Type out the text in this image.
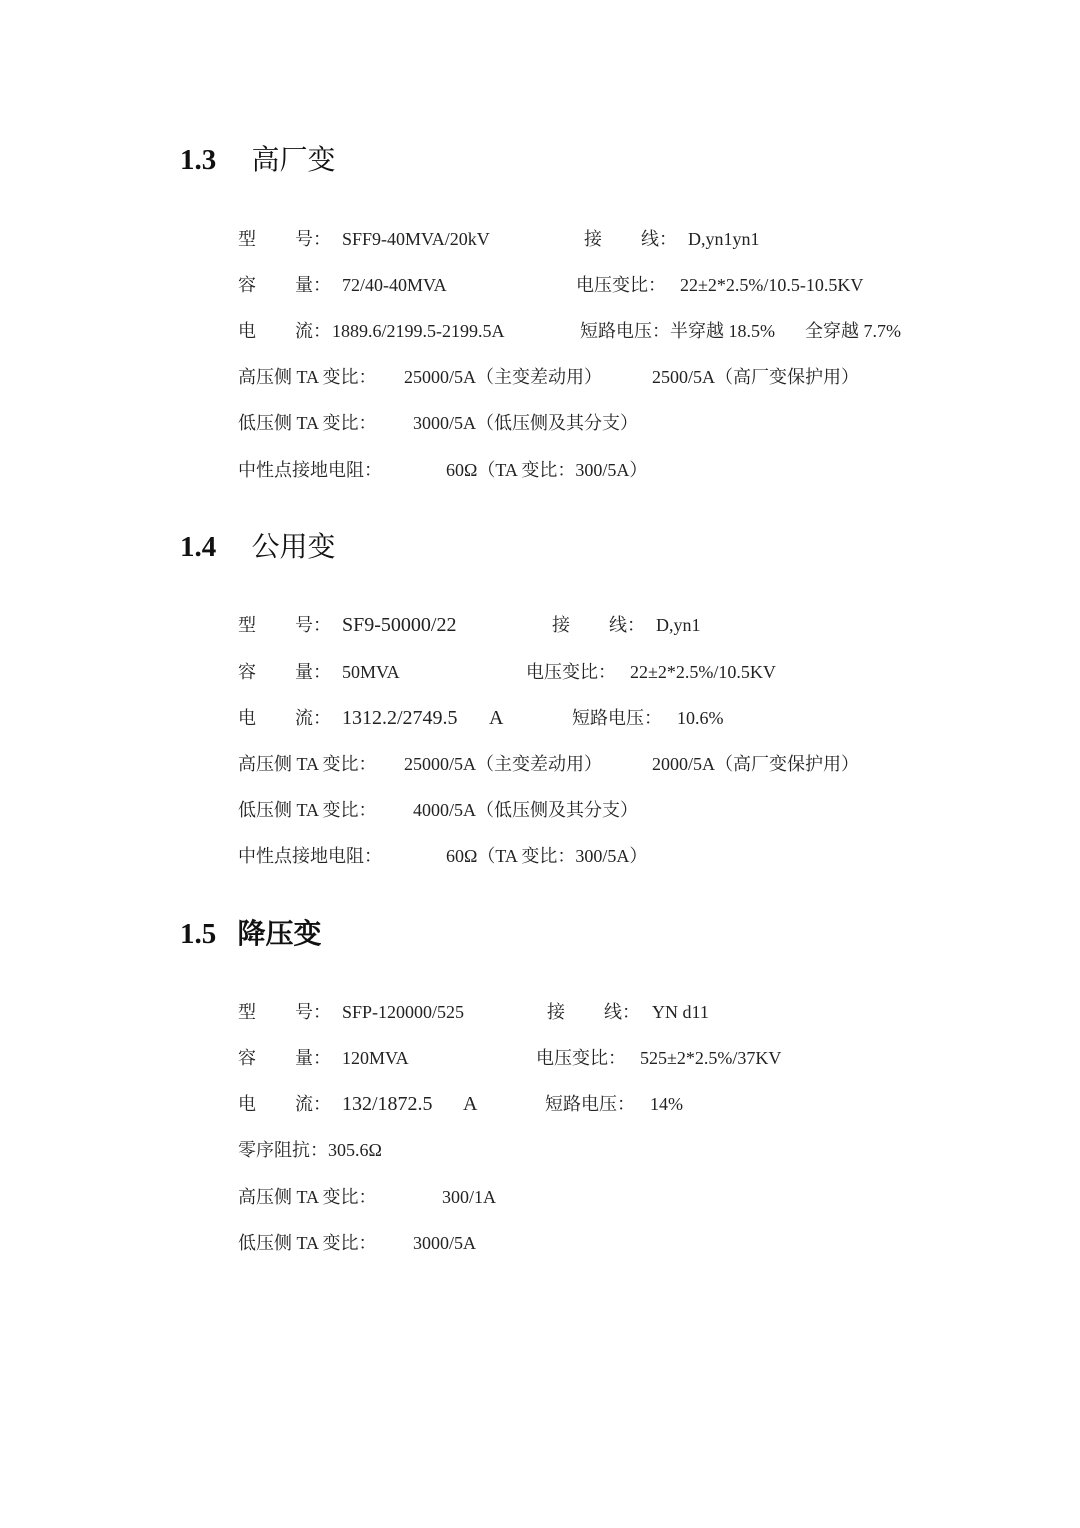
1.3 高厂变
型 号： SFF9-40MVA/20kV	接 线： D,yn1yn1
容 量： 72/40-40MVA	电压变比： 22±2*2.5%/10.5-10.5KV
电 流： 1889.6/2199.5-2199.5A	短路电压：半穿越 18.5% 全穿越 7.7%
高压侧 TA 变比： 25000/5A（主变差动用）	2500/5A（高厂变保护用）
低压侧 TA 变比： 3000/5A（低压侧及其分支）
中性点接地电阻：	60Ω（TA 变比：300/5A）
1.4 公用变
型 号： SF9-50000/22	接 线： D,yn1
容 量： 50MVA	电压变比： 22±2*2.5%/10.5KV
电 流： 1312.2/2749.5 A	短路电压： 10.6%
高压侧 TA 变比： 25000/5A（主变差动用）	2000/5A（高厂变保护用）
低压侧 TA 变比： 4000/5A（低压侧及其分支）
中性点接地电阻：	60Ω（TA 变比：300/5A）
1.5 降压变
型 号： SFP-120000/525	接 线： YN d11
容 量： 120MVA	电压变比： 525±2*2.5%/37KV
电 流： 132/1872.5 A	短路电压： 14%
零序阻抗：305.6Ω
高压侧 TA 变比：	300/1A
低压侧 TA 变比： 3000/5A
